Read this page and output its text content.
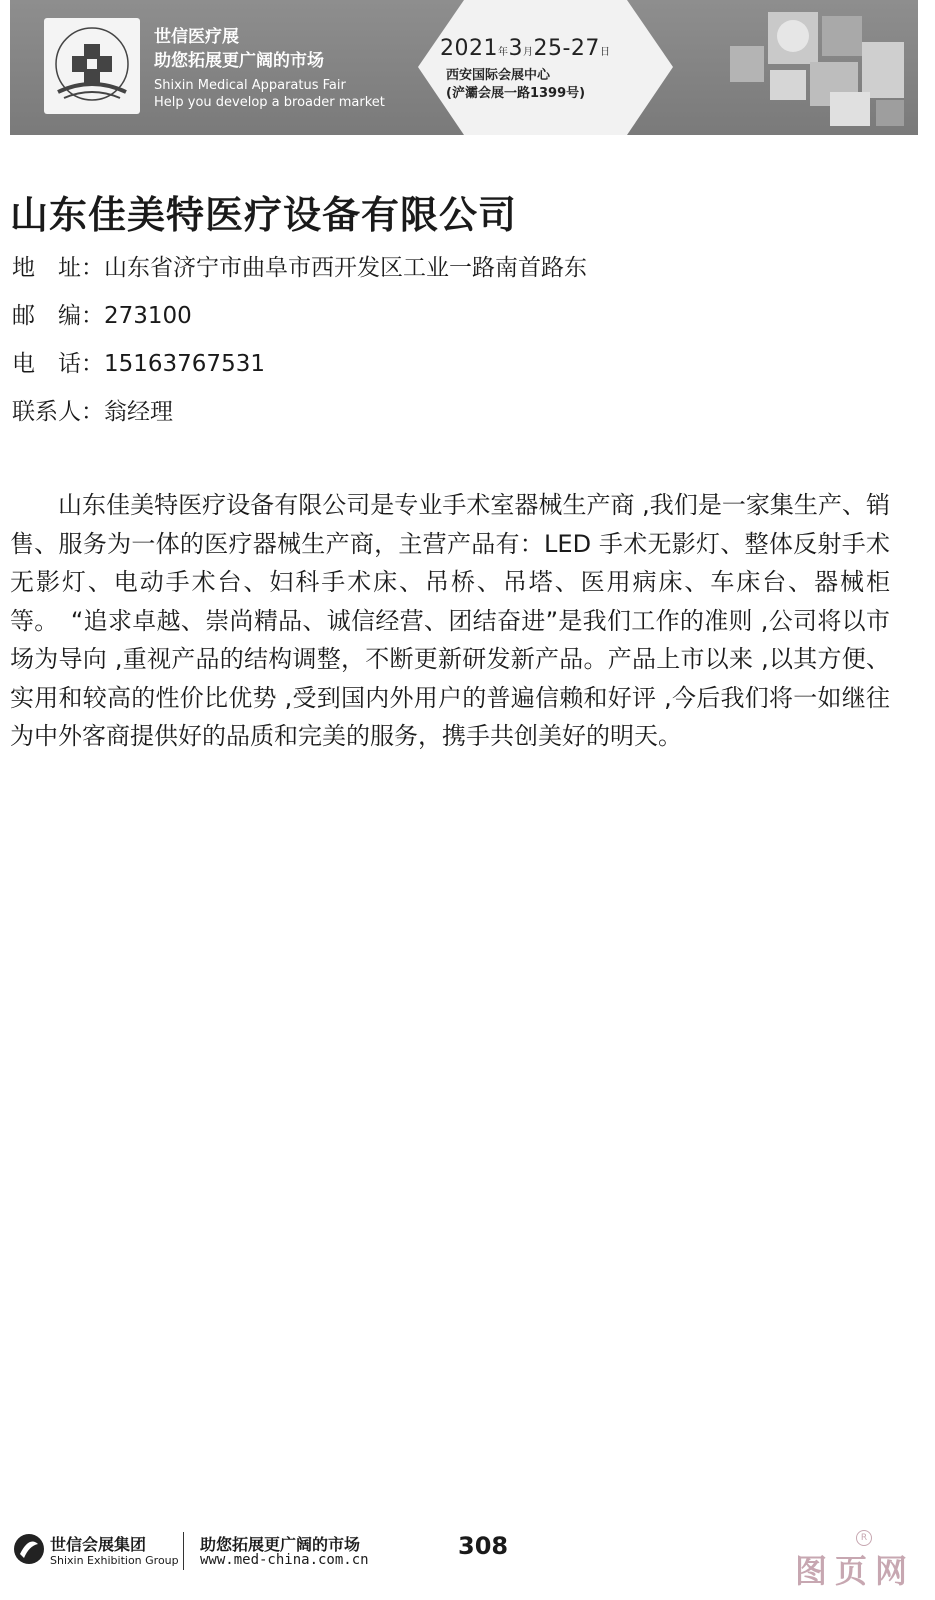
世信医疗展
助您拓展更广阔的市场
Shixin Medical Apparatus Fair
Help you develop a broader market
2021年3月25-27日
西安国际会展中心
(浐灞会展一路1399号)
山东佳美特医疗设备有限公司
地　址：山东省济宁市曲阜市西开发区工业一路南首路东
邮　编：273100
电　话：15163767531
联系人：翁经理

山东佳美特医疗设备有限公司是专业手术室器械生产商 ,我们是一家集生产、销售、服务为一体的医疗器械生产商，主营产品有：LED 手术无影灯、整体反射手术无影灯、电动手术台、妇科手术床、吊桥、吊塔、医用病床、车床台、器械柜等。　“追求卓越、崇尚精品、诚信经营、团结奋进”是我们工作的准则 ,公司将以市场为导向 ,重视产品的结构调整，不断更新研发新产品。产品上市以来 ,以其方便、实用和较高的性价比优势 ,受到国内外用户的普遍信赖和好评 ,今后我们将一如继往为中外客商提供好的品质和完美的服务，携手共创美好的明天。

世信会展集团
Shixin Exhibition Group
助您拓展更广阔的市场
www.med-china.com.cn	308
图页网
R
